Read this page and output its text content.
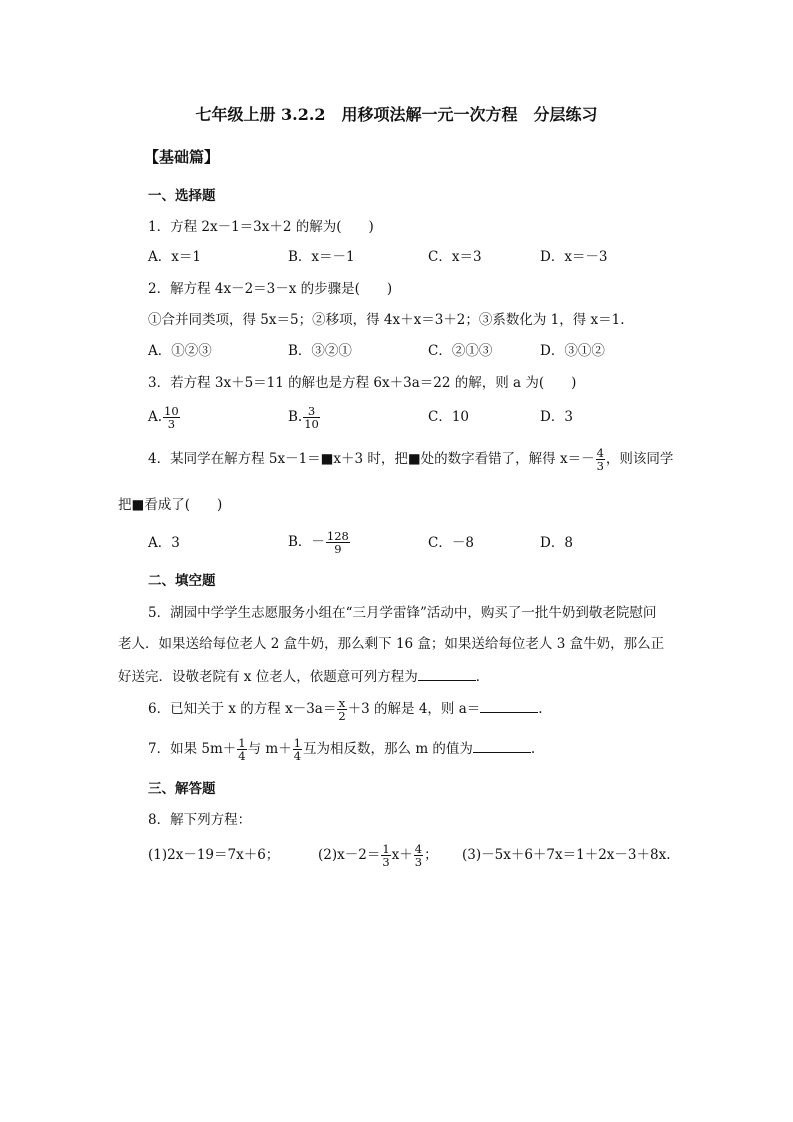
七年级上册 3.2.2　用移项法解一元一次方程　分层练习
【基础篇】
一、选择题
1．方程 2x－1＝3x＋2 的解为(　　)
A．x＝1	B．x＝－1	C．x＝3	D．x＝－3
2．解方程 4x－2＝3－x 的步骤是(　　)
①合并同类项，得 5x＝5；②移项，得 4x＋x＝3＋2；③系数化为 1，得 x＝1.
A．①②③	B．③②①	C．②①③	D．③①②
3．若方程 3x＋5＝11 的解也是方程 6x＋3a＝22 的解，则 a 为(　　)
A. $\frac{10}{3}$	B. $\frac{3}{10}$	C．10	D．3
4．某同学在解方程 5x－1＝■x＋3 时，把■处的数字看错了，解得 $x=- \frac{4}{3}$ ，则该同学
把■看成了(　　)
A．3	B．－ $\frac{128}{9}$	C．－8	D．8
二、填空题
5．湖园中学学生志愿服务小组在“三月学雷锋”活动中，购买了一批牛奶到敬老院慰问
老人．如果送给每位老人 2 盒牛奶，那么剩下 16 盒；如果送给每位老人 3 盒牛奶，那么正
好送完．设敬老院有 x 位老人，依题意可列方程为	．
6．已知关于 x 的方程 $x-3a= \frac{x}{2} +3$ 的解是 4，则 a＝	.
7．如果 $5m+ \frac{1}{4}$ 与 $m+ \frac{1}{4}$ 互为相反数，那么 m 的值为	.
三、解答题
8．解下列方程：
(1)2x－19＝7x＋6；	$(2)x-2= \frac{1}{3} x+ \frac{4}{3}$ ； (3)－5x＋6＋7x＝1＋2x－3＋8x.
